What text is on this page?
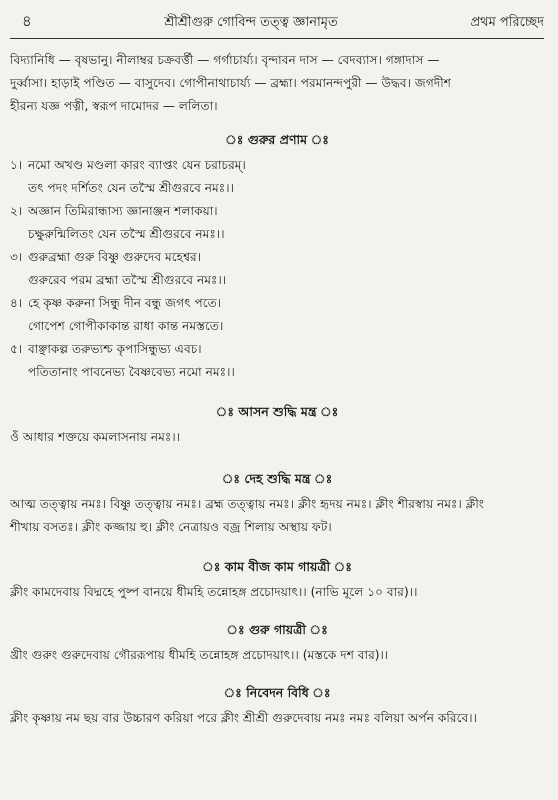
৪	শ্রীশ্রীগুরু গোবিন্দ তত্ত্ব জ্ঞানামৃত	প্রথম পরিচ্ছেদ

বিদ্যানিধি — বৃষভানু। নীলাম্বর চক্রবর্ত্তী — গর্গাচার্য্য। বৃন্দাবন দাস — বেদব্যাস। গঙ্গাদাস —

দুর্ব্বাসা। হাড়াই পণ্ডিত — বাসুদেব। গোপীনাথাচার্য্য — ব্রহ্মা। পরমানন্দপুরী — উদ্ধব। জগদীশ

হীরন্য যজ্ঞ পত্নী, স্বরূপ দামোদর — ললিতা।

ঃ গুরুর প্রণাম ঃ
১। নমো অখণ্ড মণ্ডলা কারং ব্যাপ্তং যেন চরাচরম্।
তৎ পদং দর্শিতং যেন তস্মৈ শ্রীগুরবে নমঃ।।
২। অজ্ঞান তিমিরান্ধাস্য জ্ঞানাঞ্জন শলাকয়া।
চক্ষুরুন্মিলিতং যেন তস্মৈ শ্রীগুরবে নমঃ।।
৩। গুরুব্রহ্মা গুরু বিষ্ণু গুরুদেব মহেশ্বর।
গুরুরেব পরম ব্রহ্মা তস্মৈ শ্রীগুরবে নমঃ।।
৪। হে কৃষ্ণ করুনা সিন্ধু দীন বন্ধু জগৎ পতে।
গোপেশ গোপীকাকান্ত রাধা কান্ত নমস্ততে।
৫। বাঞ্ছাকল্প তরুভ্যশ্চ কৃপাসিন্ধুভ্য এবচ।
পতিতানাং পাবনেভ্য বৈষ্ণবেভ্য নমো নমঃ।।
ঃ আসন শুদ্ধি মন্ত্র ঃ

ওঁ আধার শক্তয়ে কমলাসনায় নমঃ।।

ঃ দেহ শুদ্ধি মন্ত্র ঃ

আত্ম তত্ত্বায় নমঃ। বিষ্ণু তত্ত্বায় নমঃ। ব্রহ্ম তত্ত্বায় নমঃ। ক্লীং হৃদয় নমঃ। ক্লীং শীরস্বায় নমঃ। ক্লীং

শীখায় বসতঃ। ক্লীং কজ্জায় হু। ক্লীং নেত্রায়ও বজ্র শিলায় অস্থায় ফট।

ঃ কাম বীজ কাম গায়ত্রী ঃ

ক্লীং কামদেবায় বিদ্মহে পুষ্প বানয়ে ধীমহি তন্নোহঙ্গ প্রচোদয়াৎ।। (নাভি মূলে ১০ বার)।।

ঃ গুরু গায়ত্রী ঃ

খ্রীং গুরুং গুরুদেবায় গৌররূপায় ধীমহি তন্নোহঙ্গ প্রচোদয়াৎ।। (মস্তকে দশ বার)।।

ঃ নিবেদন বিধি ঃ

ক্লীং কৃষ্ণায় নম ছয় বার উচ্চারণ করিয়া পরে ক্লীং শ্রীশ্রী গুরুদেবায় নমঃ নমঃ বলিয়া অর্পন করিবে।।
